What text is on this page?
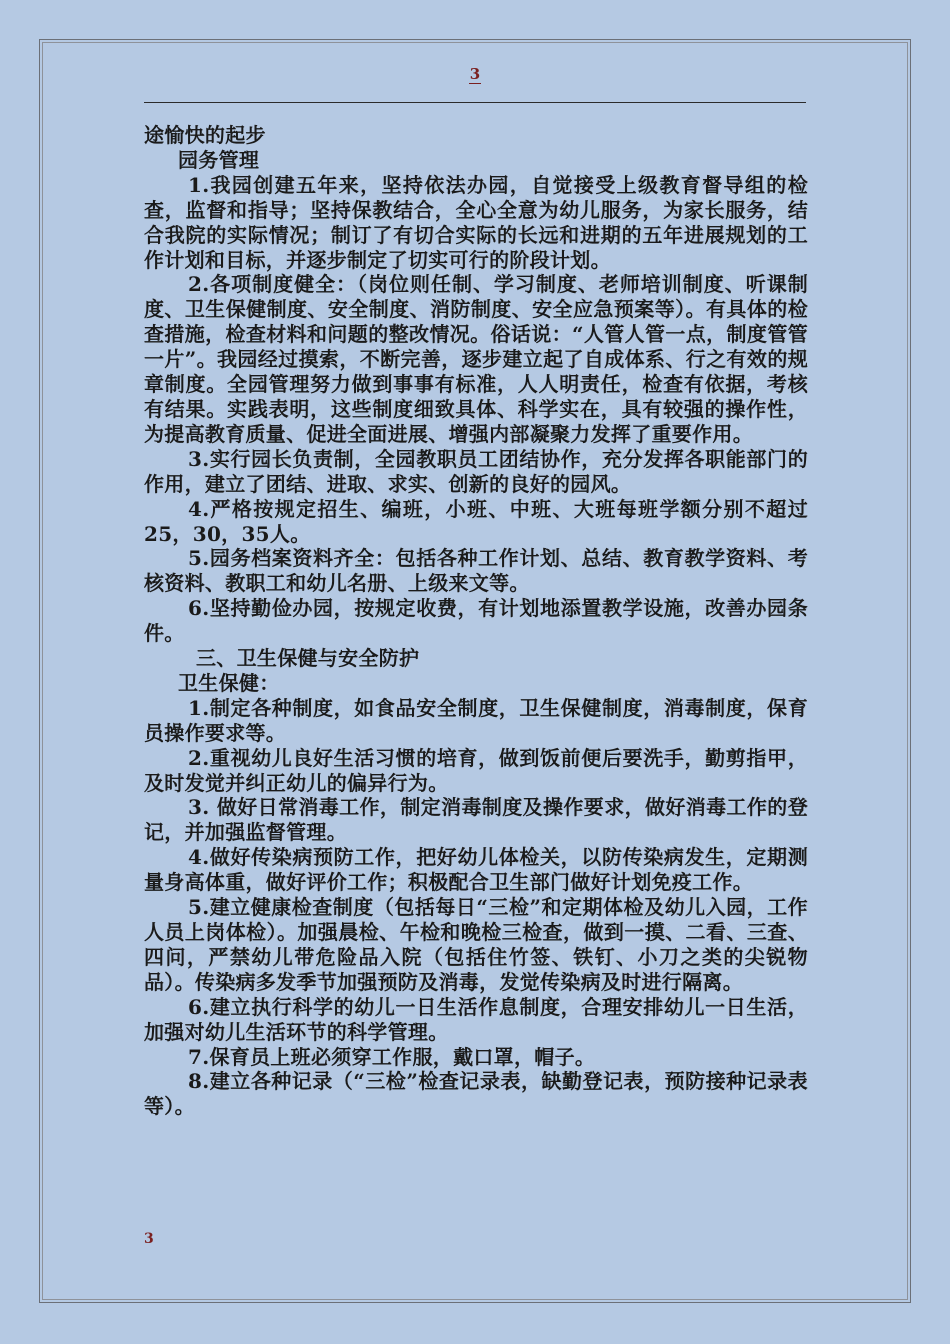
3

途愉快的起步

园务管理

1.我园创建五年来，坚持依法办园，自觉接受上级教育督导组的检查，监督和指导；坚持保教结合，全心全意为幼儿服务，为家长服务，结合我院的实际情况；制订了有切合实际的长远和进期的五年进展规划的工作计划和目标，并逐步制定了切实可行的阶段计划。

2.各项制度健全：（岗位则任制、学习制度、老师培训制度、听课制度、卫生保健制度、安全制度、消防制度、安全应急预案等）。有具体的检查措施，检查材料和问题的整改情况。俗话说：“人管人管一点，制度管管一片”。我园经过摸索，不断完善，逐步建立起了自成体系、行之有效的规章制度。全园管理努力做到事事有标准，人人明责任，检查有依据，考核有结果。实践表明，这些制度细致具体、科学实在，具有较强的操作性，为提高教育质量、促进全面进展、增强内部凝聚力发挥了重要作用。

3.实行园长负责制，全园教职员工团结协作，充分发挥各职能部门的作用，建立了团结、进取、求实、创新的良好的园风。

4.严格按规定招生、编班，小班、中班、大班每班学额分别不超过25，30，35人。

5.园务档案资料齐全：包括各种工作计划、总结、教育教学资料、考核资料、教职工和幼儿名册、上级来文等。

6.坚持勤俭办园，按规定收费，有计划地添置教学设施，改善办园条件。

三、卫生保健与安全防护

卫生保健：

1.制定各种制度，如食品安全制度，卫生保健制度，消毒制度，保育员操作要求等。

2.重视幼儿良好生活习惯的培育，做到饭前便后要洗手，勤剪指甲，及时发觉并纠正幼儿的偏异行为。

3. 做好日常消毒工作，制定消毒制度及操作要求，做好消毒工作的登记，并加强监督管理。

4.做好传染病预防工作，把好幼儿体检关，以防传染病发生，定期测量身高体重，做好评价工作；积极配合卫生部门做好计划免疫工作。

5.建立健康检查制度（包括每日“三检”和定期体检及幼儿入园，工作人员上岗体检）。加强晨检、午检和晚检三检查，做到一摸、二看、三查、四问，严禁幼儿带危险品入院（包括住竹签、铁钉、小刀之类的尖锐物品）。传染病多发季节加强预防及消毒，发觉传染病及时进行隔离。

6.建立执行科学的幼儿一日生活作息制度，合理安排幼儿一日生活，加强对幼儿生活环节的科学管理。

7.保育员上班必须穿工作服，戴口罩，帽子。

8.建立各种记录（“三检”检查记录表，缺勤登记表，预防接种记录表等）。

3
